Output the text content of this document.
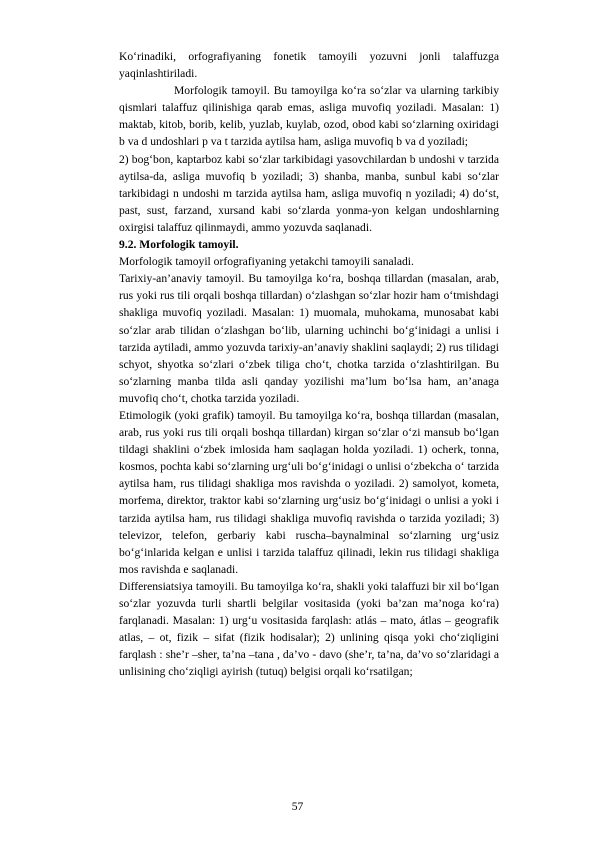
Ko‘rinadiki, orfografiyaning fonetik tamoyili yozuvni jonli talaffuzga yaqinlashtiriladi.

Morfologik tamoyil. Bu tamoyilga ko‘ra so‘zlar va ularning tarkibiy qismlari talaffuz qilinishiga qarab emas, asliga muvofiq yoziladi. Masalan: 1) maktab, kitob, borib, kelib, yuzlab, kuylab, ozod, obod kabi so‘zlarning oxiridagi b va d undoshlari p va t tarzida aytilsa ham, asliga muvofiq b va d yoziladi;

2) bog‘bon, kaptarboz kabi so‘zlar tarkibidagi yasovchilardan b undoshi v tarzida aytilsa-da, asliga muvofiq b yoziladi; 3) shanba, manba, sunbul kabi so‘zlar tarkibidagi n undoshi m tarzida aytilsa ham, asliga muvofiq n yoziladi; 4) do‘st, past, sust, farzand, xursand kabi so‘zlarda yonma-yon kelgan undoshlarning oxirgisi talaffuz qilinmaydi, ammo yozuvda saqlanadi.

9.2. Morfologik tamoyil.

Morfologik tamoyil orfografiyaning yetakchi tamoyili sanaladi.

Tarixiy-an’anaviy tamoyil. Bu tamoyilga ko‘ra, boshqa tillardan (masalan, arab, rus yoki rus tili orqali boshqa tillardan) o‘zlashgan so‘zlar hozir ham o‘tmishdagi shakliga muvofiq yoziladi. Masalan: 1) muomala, muhokama, munosabat kabi so‘zlar arab tilidan o‘zlashgan bo‘lib, ularning uchinchi bo‘g‘inidagi a unlisi i tarzida aytiladi, ammo yozuvda tarixiy-an’anaviy shaklini saqlaydi; 2) rus tilidagi schyot, shyotka so‘zlari o‘zbek tiliga cho‘t, chotka tarzida o‘zlashtirilgan. Bu so‘zlarning manba tilda asli qanday yozilishi ma’lum bo‘lsa ham, an’anaga muvofiq cho‘t, chotka tarzida yoziladi.

Etimologik (yoki grafik) tamoyil. Bu tamoyilga ko‘ra, boshqa tillardan (masalan, arab, rus yoki rus tili orqali boshqa tillardan) kirgan so‘zlar o‘zi mansub bo‘lgan tildagi shaklini o‘zbek imlosida ham saqlagan holda yoziladi. 1) ocherk, tonna, kosmos, pochta kabi so‘zlarning urg‘uli bo‘g‘inidagi o unlisi o‘zbekcha o‘ tarzida aytilsa ham, rus tilidagi shakliga mos ravishda o yoziladi. 2) samolyot, kometa, morfema, direktor, traktor kabi so‘zlarning urg‘usiz bo‘g‘inidagi o unlisi a yoki i tarzida aytilsa ham, rus tilidagi shakliga muvofiq ravishda o tarzida yoziladi; 3) televizor, telefon, gerbariy kabi ruscha–baynalminal so‘zlarning urg‘usiz bo‘g‘inlarida kelgan e unlisi i tarzida talaffuz qilinadi, lekin rus tilidagi shakliga mos ravishda e saqlanadi.

Differensiatsiya tamoyili. Bu tamoyilga ko‘ra, shakli yoki talaffuzi bir xil bo‘lgan so‘zlar yozuvda turli shartli belgilar vositasida (yoki ba’zan ma’noga ko‘ra) farqlanadi. Masalan: 1) urg‘u vositasida farqlash: atlás – mato, átlas – geografik atlas, – ot, fizik – sifat (fizik hodisalar); 2) unlining qisqa yoki cho‘ziqligini farqlash : she’r –sher, ta’na –tana , da’vo - davo (she’r, ta’na, da’vo so‘zlaridagi a unlisining cho‘ziqligi ayirish (tutuq) belgisi orqali ko‘rsatilgan;

57
